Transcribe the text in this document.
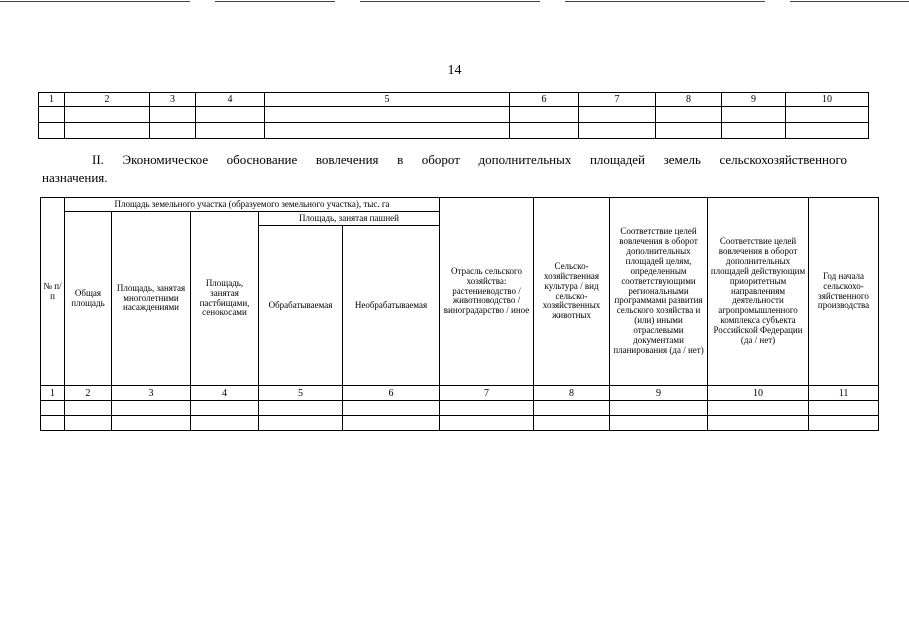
14
1	2	3	4	5	6	7	8	9	10

II. Экономическое обоснование вовлечения в оборот дополнительных площадей земель сельскохозяйственного
назначения.
№ п/п	Площадь земельного участка (образуемого земельного участка), тыс. га					Отрасль сельского хозяйства: растениеводство / животноводство / виноградарство / иное	Сельско-хозяйственная культура / вид сельско-хозяйственных животных	Соответствие целей вовлечения в оборот дополнительных площадей целям, определенным соответствующими региональными программами развития сельского хозяйства и (или) иными отраслевыми документами планирования (да / нет)	Соответствие целей вовлечения в оборот дополнительных площадей действующим приоритетным направлениям деятельности агропромышленного комплекса субъекта Российской Федерации (да / нет)	Год начала сельскохо-зяйственного производства
	Общая площадь	Площадь, занятая многолетними насаждениями	Площадь, занятая пастбищами, сенокосами	Площадь, занятая пашней						
				Обрабатываемая	Необрабатываемая					
1	2	3	4	5	6	7	8	9	10	11
